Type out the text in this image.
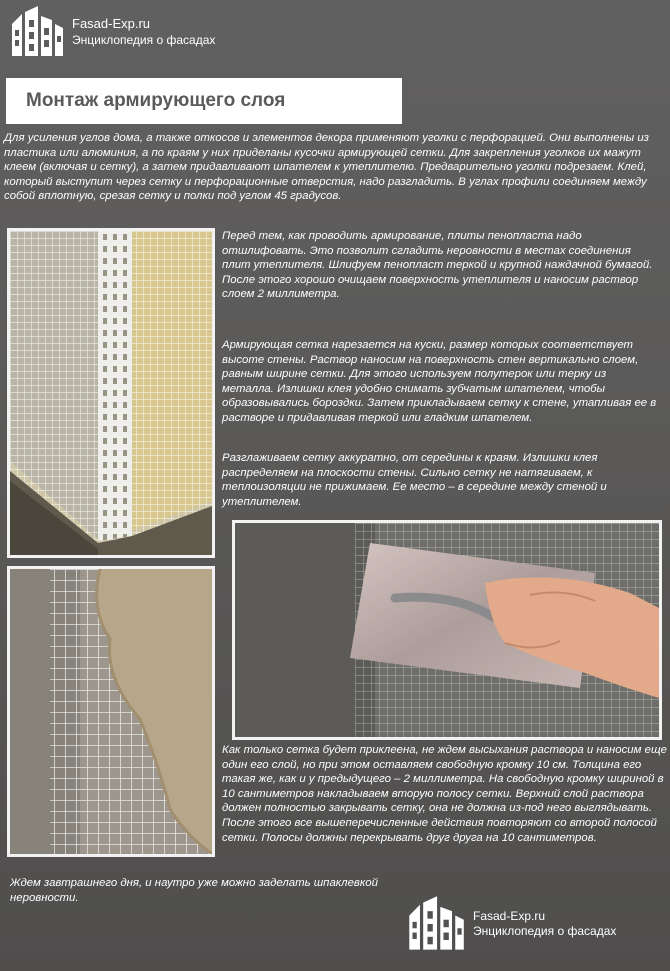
Fasad-Exp.ru
Энциклопедия о фасадах
Монтаж армирующего слоя
Для усиления углов дома, а также откосов и элементов декора применяют уголки с перфорацией. Они выполнены из пластика или алюминия, а по краям у них приделаны кусочки армирующей сетки. Для закрепления уголков их мажут клеем (включая и сетку), а затем придавливают шпателем к утеплителю. Предварительно уголки подрезаем. Клей, который выступит через сетку и перфорационные отверстия, надо разгладить. В углах профили соединяем между собой вплотную, срезая сетку и полки под углом 45 градусов.
Перед тем, как проводить армирование, плиты пенопласта надо отшлифовать. Это позволит сгладить неровности в местах соединения плит утеплителя. Шлифуем пенопласт теркой и крупной наждачной бумагой. После этого хорошо очищаем поверхность утеплителя и наносим раствор слоем 2 миллиметра.
Армирующая сетка нарезается на куски, размер которых соответствует высоте стены. Раствор наносим на поверхность стен вертикально слоем, равным ширине сетки. Для этого используем полутерок или терку из металла. Излишки клея удобно снимать зубчатым шпателем, чтобы образовывались бороздки. Затем прикладываем сетку к стене, утапливая ее в растворе и придавливая теркой или гладким шпателем.
Разглаживаем сетку аккуратно, от середины к краям. Излишки клея распределяем на плоскости стены. Сильно сетку не натягиваем, к теплоизоляции не прижимаем. Ее место – в середине между стеной и утеплителем.
Как только сетка будет приклеена, не ждем высыхания раствора и наносим еще один его слой, но при этом оставляем свободную кромку 10 см. Толщина его такая же, как и у предыдущего – 2 миллиметра. На свободную кромку шириной в 10 сантиметров накладываем вторую полосу сетки. Верхний слой раствора должен полностью закрывать сетку, она не должна из-под него выглядывать. После этого все вышеперечисленные действия повторяют со второй полосой сетки. Полосы должны перекрывать друг друга на 10 сантиметров.
Ждем завтрашнего дня, и наутро уже можно заделать шпаклевкой неровности.
Fasad-Exp.ru
Энциклопедия о фасадах
